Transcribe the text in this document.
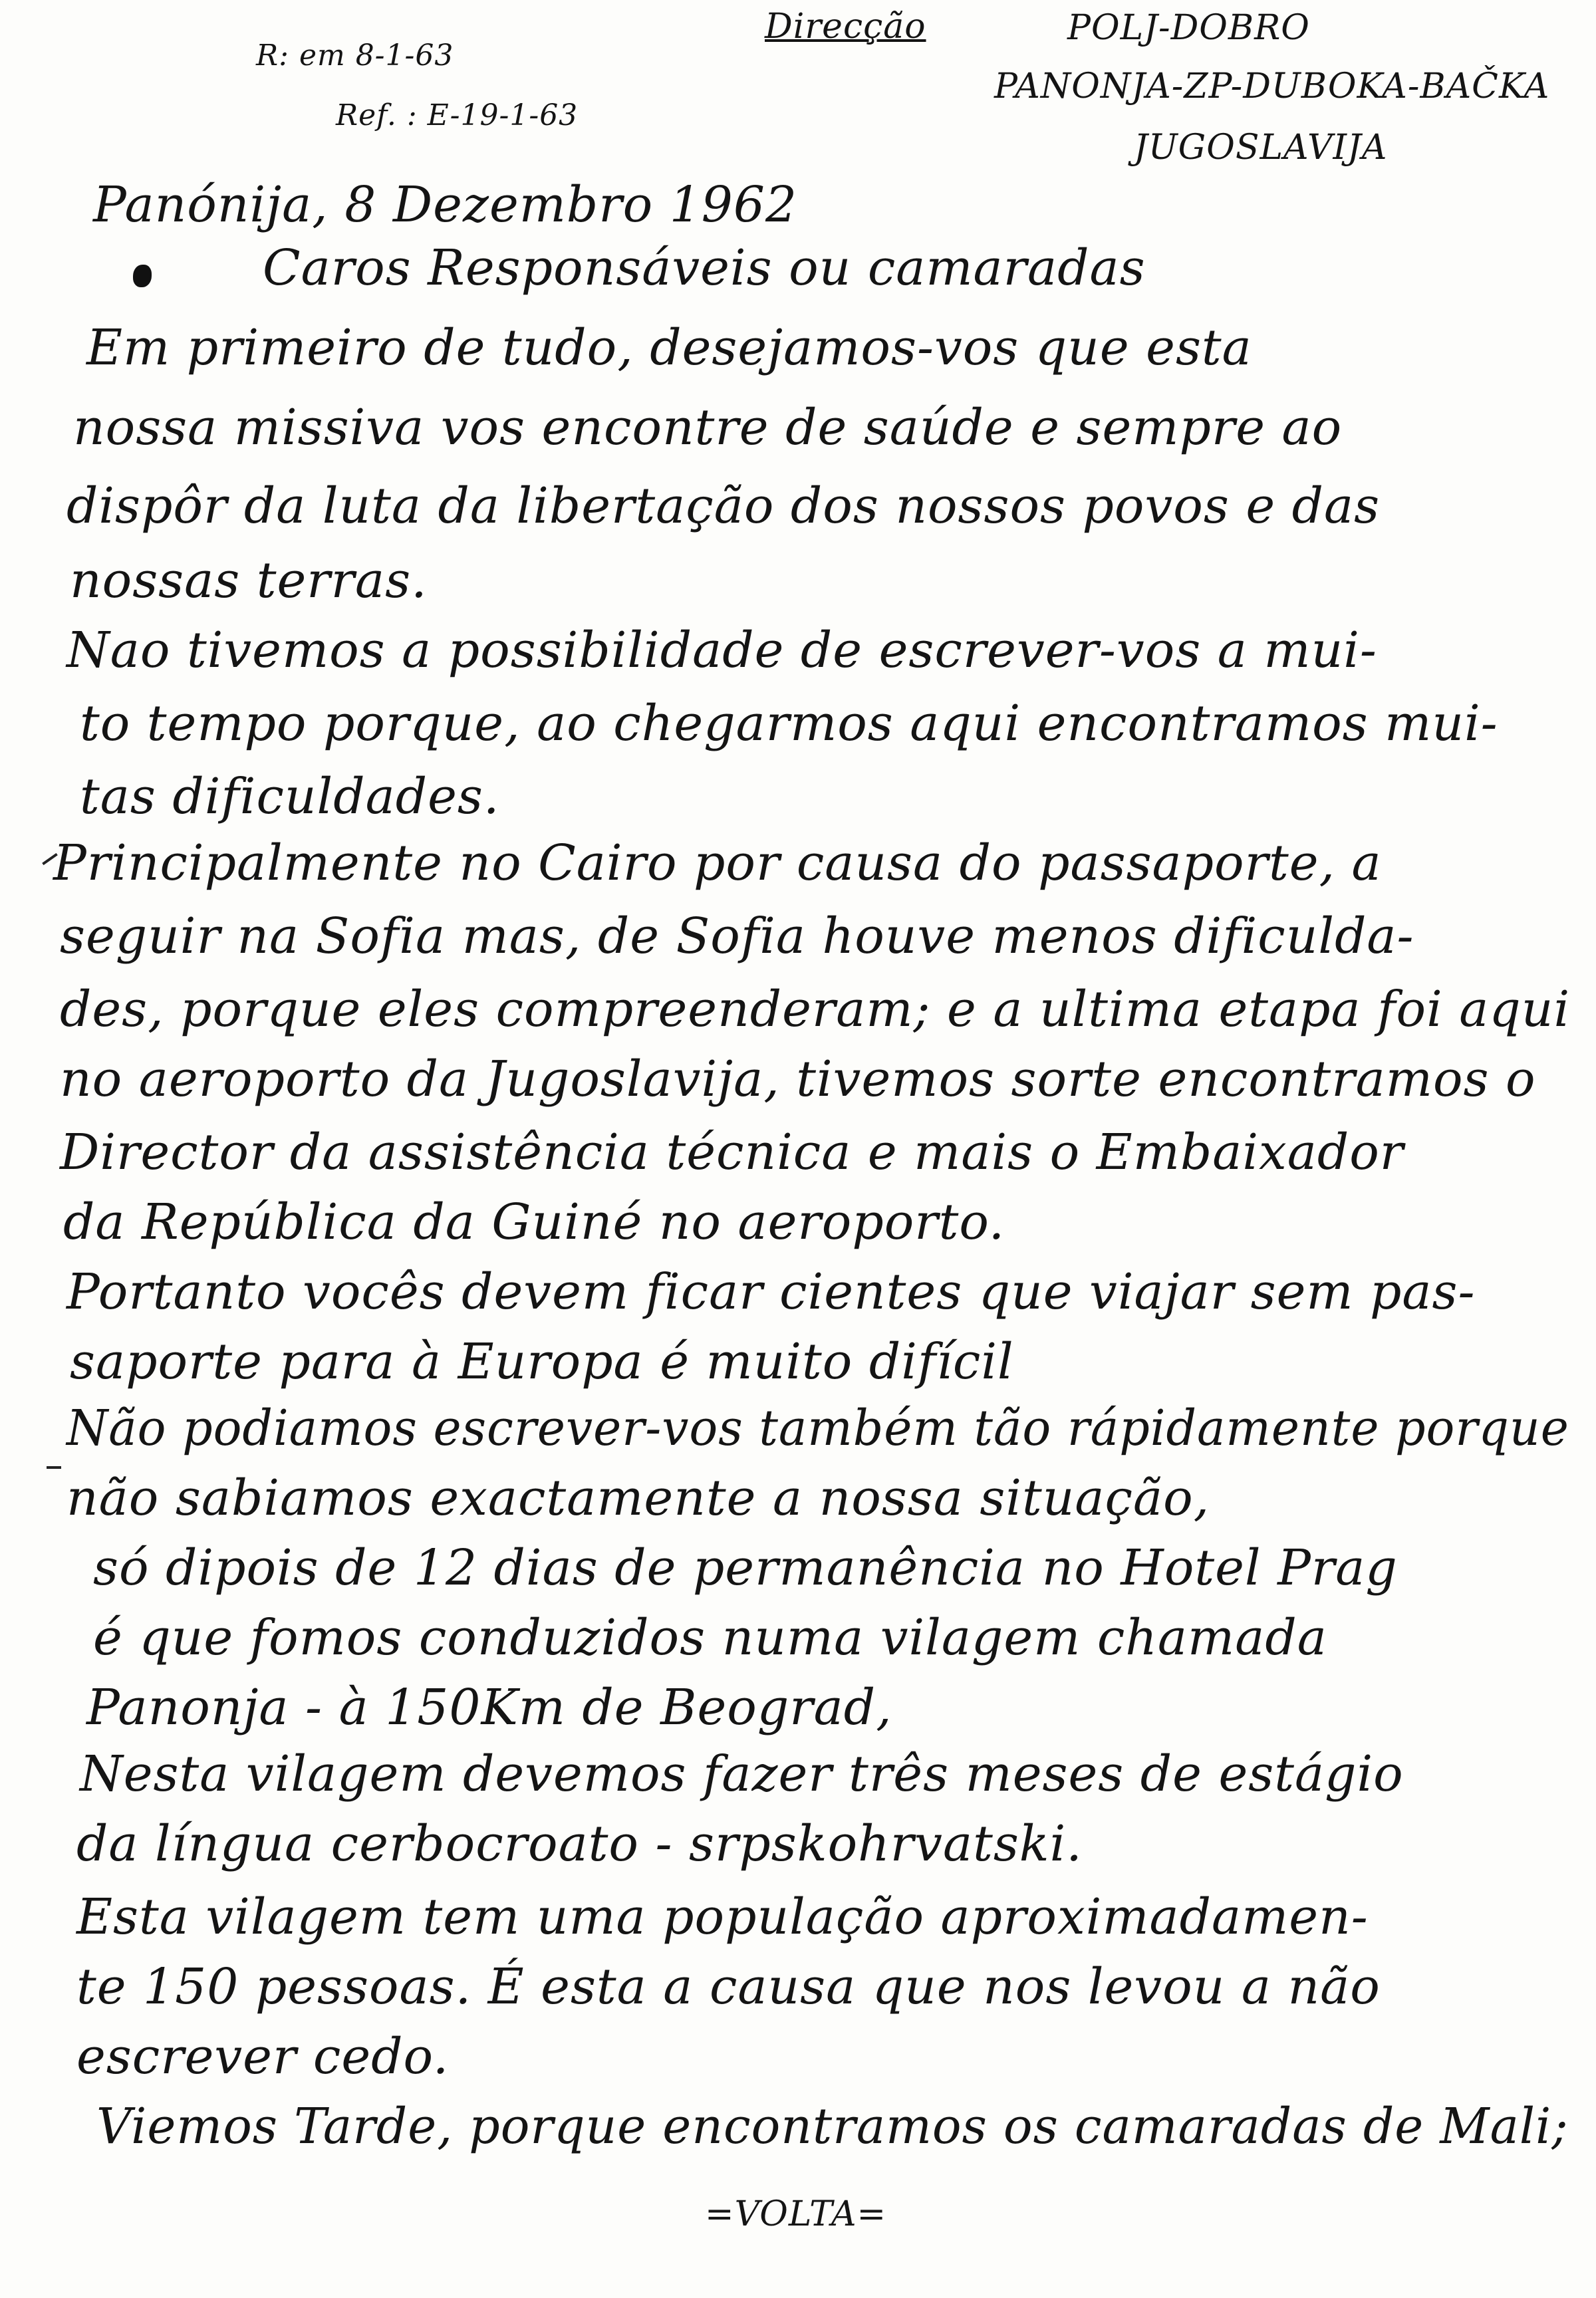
R: em 8-1-63
Ref. : E-19-1-63
Direcção	POLJ-DOBRO
PANONJA-ZP-DUBOKA-BAČKA
JUGOSLAVIJA
Panónija, 8 Dezembro 1962
Caros Responsáveis ou camaradas
Em primeiro de tudo, desejamos-vos que esta
nossa missiva vos encontre de saúde e sempre ao
dispôr da luta da libertação dos nossos povos e das
nossas terras.
Nao tivemos a possibilidade de escrever-vos a mui-
to tempo porque, ao chegarmos aqui encontramos mui-
tas dificuldades.
Principalmente no Cairo por causa do passaporte, a
seguir na Sofia mas, de Sofia houve menos dificulda-
des, porque eles compreenderam; e a ultima etapa foi aqui
no aeroporto da Jugoslavija, tivemos sorte encontramos o
Director da assistência técnica e mais o Embaixador
da República da Guiné no aeroporto.
Portanto vocês devem ficar cientes que viajar sem pas-
saporte para à Europa é muito difícil
Não podiamos escrever-vos também tão rápidamente porque
não sabiamos exactamente a nossa situação,
só dipois de 12 dias de permanência no Hotel Prag
é que fomos conduzidos numa vilagem chamada
Panonja - à 150Km de Beograd,
Nesta vilagem devemos fazer três meses de estágio
da língua cerbocroato - srpskohrvatski.
Esta vilagem tem uma população aproximadamen-
te 150 pessoas. É esta a causa que nos levou a não
escrever cedo.
Viemos Tarde, porque encontramos os camaradas de Mali;
=VOLTA=
